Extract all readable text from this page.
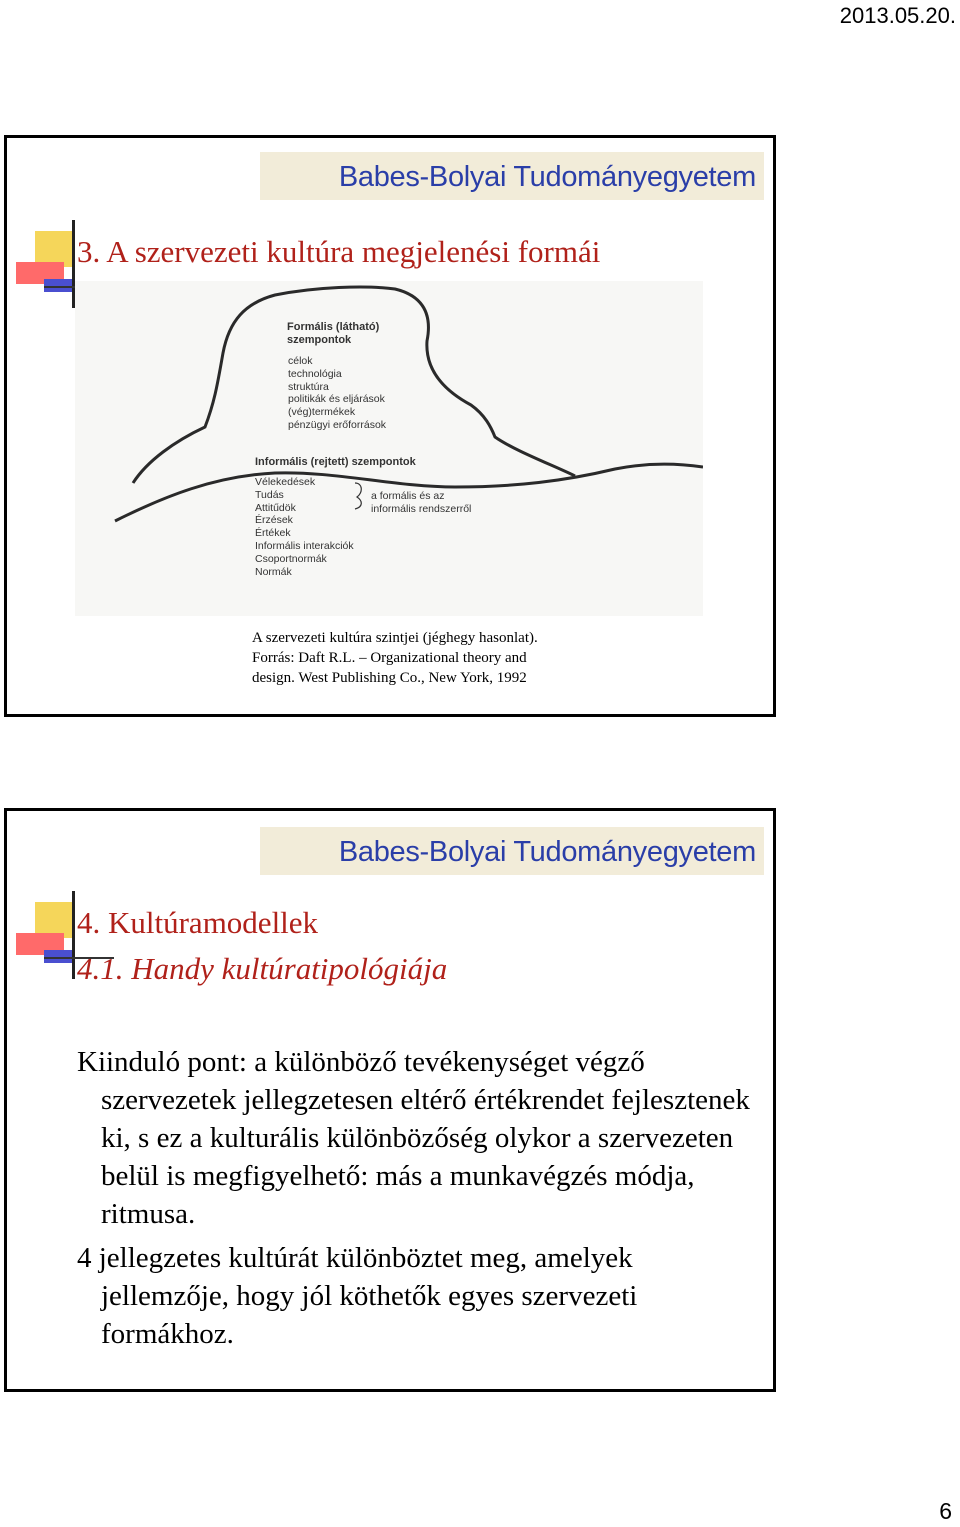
2013.05.20.
Babes-Bolyai Tudományegyetem
3. A szervezeti kultúra megjelenési formái
Formális (látható)
szempontok
célok
technológia
struktúra
politikák és eljárások
(vég)termékek
pénzügyi erőforrások
Informális (rejtett) szempontok
Vélekedések
Tudás
Attitűdök
Érzések
Értékek
Informális interakciók
Csoportnormák
Normák
a formális és az
informális rendszerről
A szervezeti kultúra szintjei (jéghegy hasonlat).
Forrás: Daft R.L. – Organizational theory and
design. West Publishing Co., New York, 1992
Babes-Bolyai Tudományegyetem
4. Kultúramodellek
4.1. Handy kultúratipológiája

Kiinduló pont: a különböző tevékenységet végző szervezetek jellegzetesen eltérő értékrendet fejlesztenek ki, s ez a kulturális különbözőség olykor a szervezeten belül is megfigyelhető: más a munkavégzés módja, ritmusa.

4 jellegzetes kultúrát különböztet meg, amelyek jellemzője, hogy jól köthetők egyes szervezeti formákhoz.

6
